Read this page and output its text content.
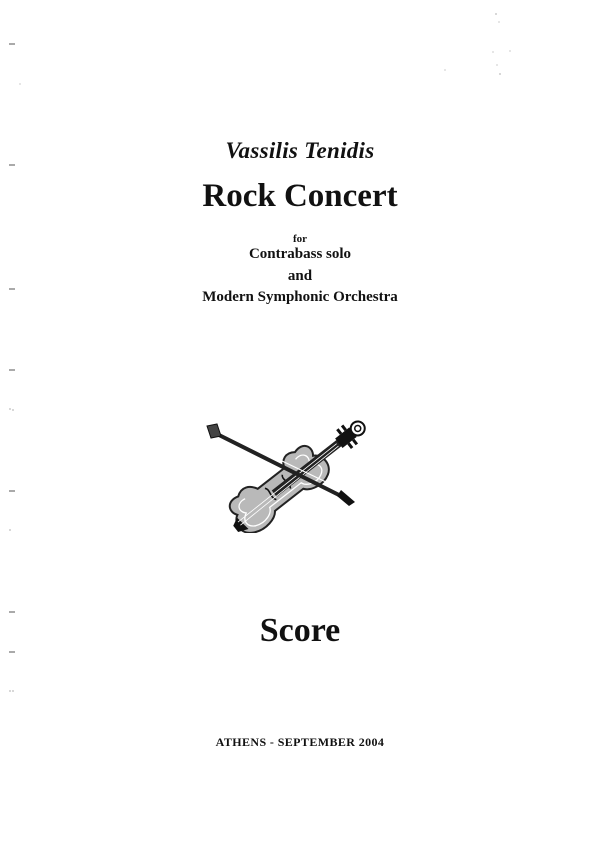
Vassilis Tenidis
Rock Concert
for
Contrabass solo
and
Modern Symphonic Orchestra
Score
ATHENS - SEPTEMBER 2004
